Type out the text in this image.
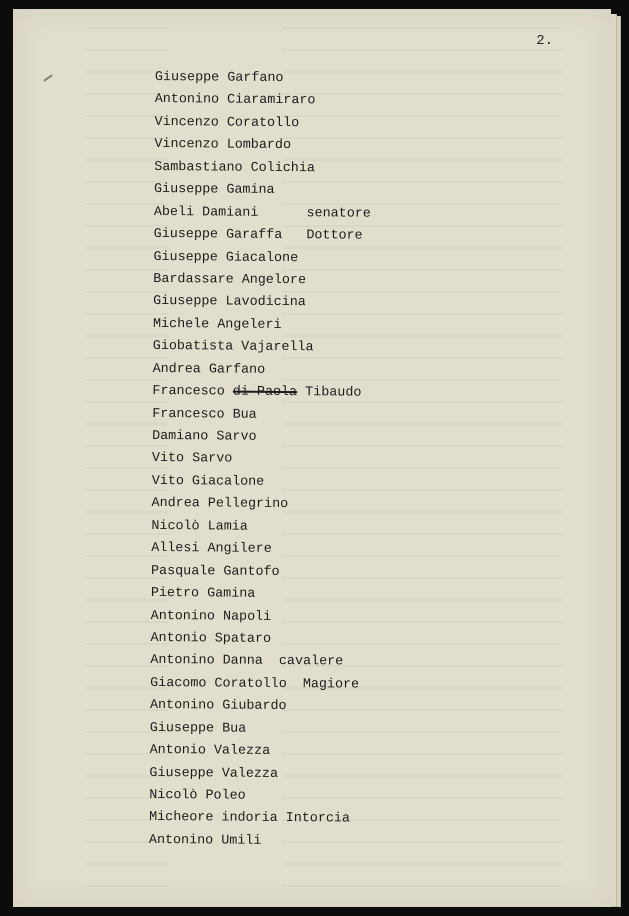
2.
Giuseppe Garfano
Antonino Ciaramiraro
Vincenzo Coratollo
Vincenzo Lombardo
Sambastiano Colichia
Giuseppe Gamina
Abeli Damiani	senatore
Giuseppe Garaffa Dottore
Giuseppe Giacalone
Bardassare Angelore
Giuseppe Lavodicina
Michele Angeleri
Giobatista Vajarella
Andrea Garfano
Francesco di Paola Tibaudo
Francesco Bua
Damiano Sarvo
Vito Sarvo
Vito Giacalone
Andrea Pellegrino
Nicolò Lamia
Allesi Angilere
Pasquale Gantofo
Pietro Gamina
Antonino Napoli
Antonio Spataro
Antonino Danna cavalere
Giacomo Coratollo Magiore
Antonino Giubardo
Giuseppe Bua
Antonio Valezza
Giuseppe Valezza
Nicolò Poleo
Micheore indoria Intorcia
Antonino Umili
